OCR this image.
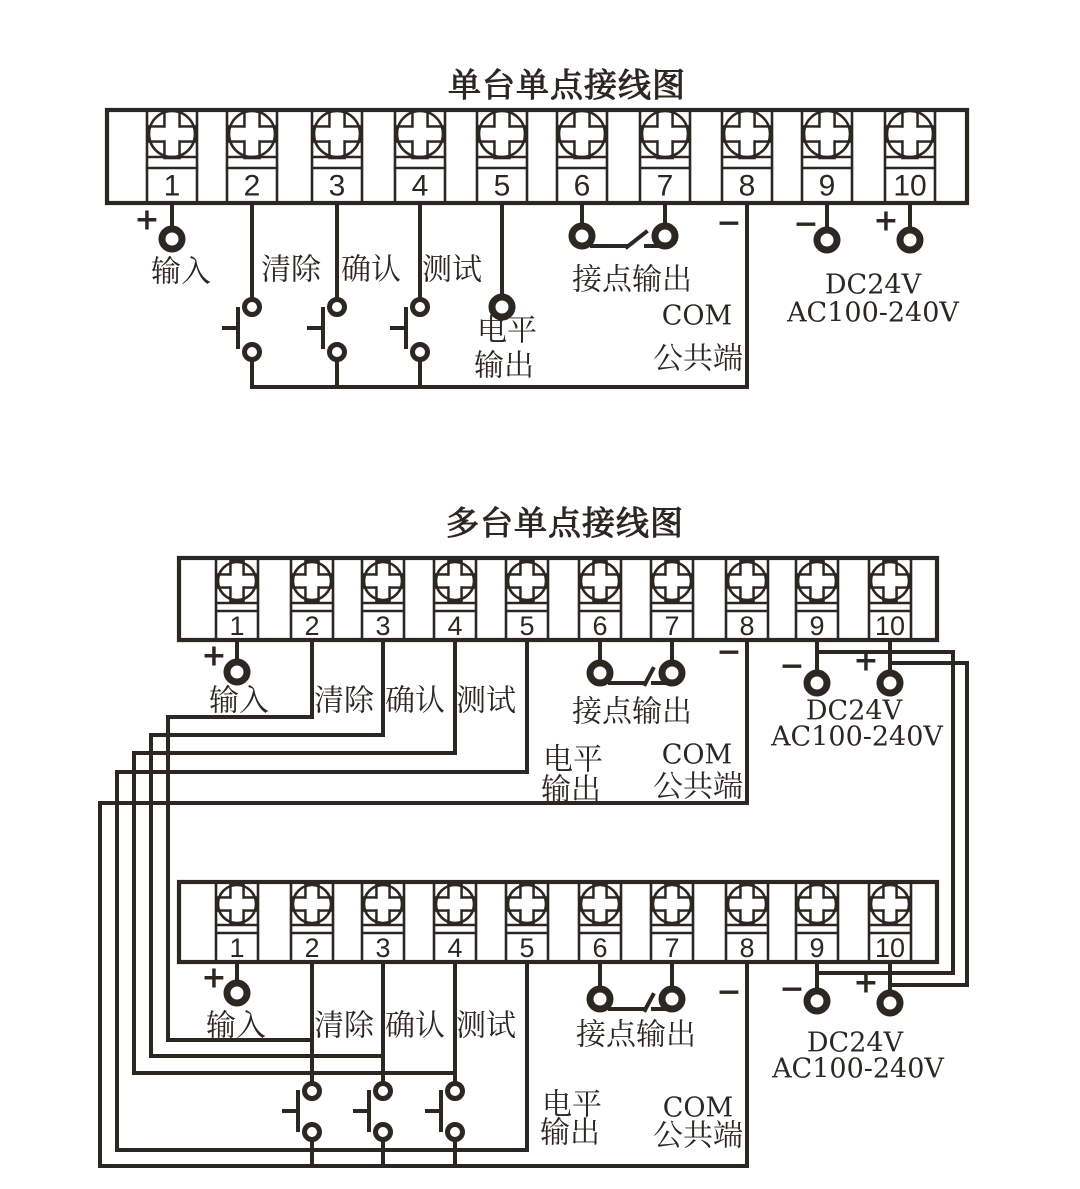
单台单点接线图
多台单点接线图
1 2 3 4 5 6 7 8 9 10
1 2 3 4 5 6 7 8 9 10
1 2 3 4 5 6 7 8 9 10
+
输入 清除 确认 测试
电平
输出
接点输出
−
COM
公共端
− +
DC24V
AC100-240V
+
输入 清除 确认 测试
电平
输出
接点输出
−
COM
公共端
− +
DC24V
AC100-240V
+
输入 清除 确认 测试
电平
输出
接点输出
−
COM
公共端
− +
DC24V
AC100-240V
